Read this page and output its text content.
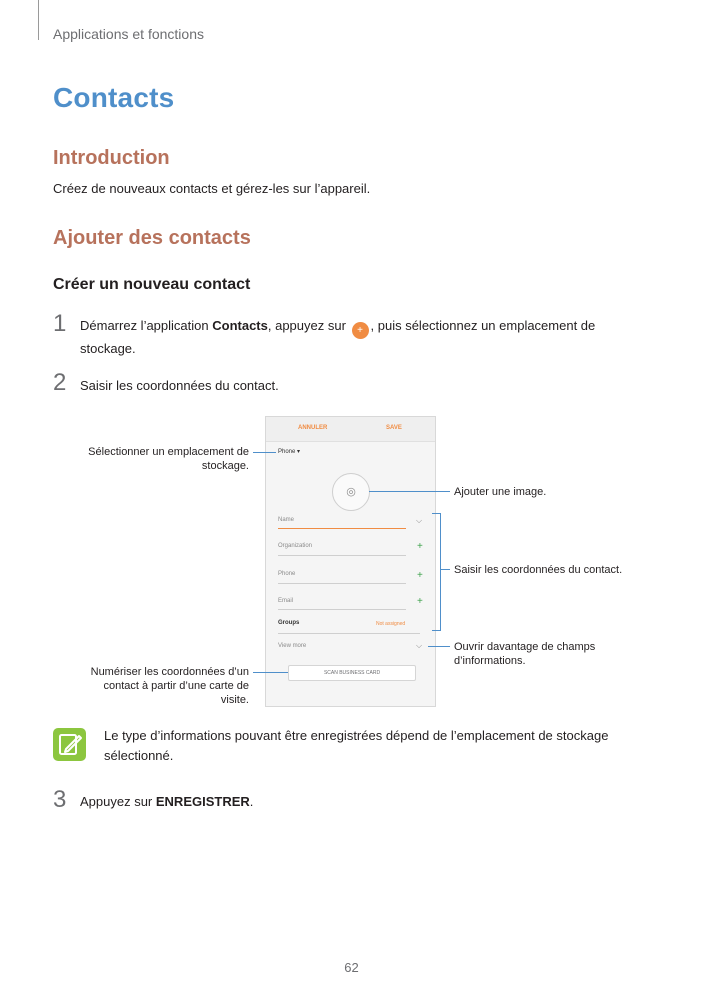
Applications et fonctions
Contacts
Introduction
Créez de nouveaux contacts et gérez-les sur l’appareil.
Ajouter des contacts
Créer un nouveau contact
1 Démarrez l’application Contacts, appuyez sur + , puis sélectionnez un emplacement de
stockage.
2 Saisir les coordonnées du contact.
ANNULER	SAVE
Phone ▾
◎
Name	⌵
Organization	+
Phone	+
Email	+
Groups	Not assigned
View more	⌵
SCAN BUSINESS CARD
Sélectionner un emplacement de
stockage.
Ajouter une image.
Saisir les coordonnées du contact.
Ouvrir davantage de champs
d’informations.
Numériser les coordonnées d’un
contact à partir d’une carte de
visite.
Le type d’informations pouvant être enregistrées dépend de l’emplacement de stockage
sélectionné.
3 Appuyez sur ENREGISTRER.
62
